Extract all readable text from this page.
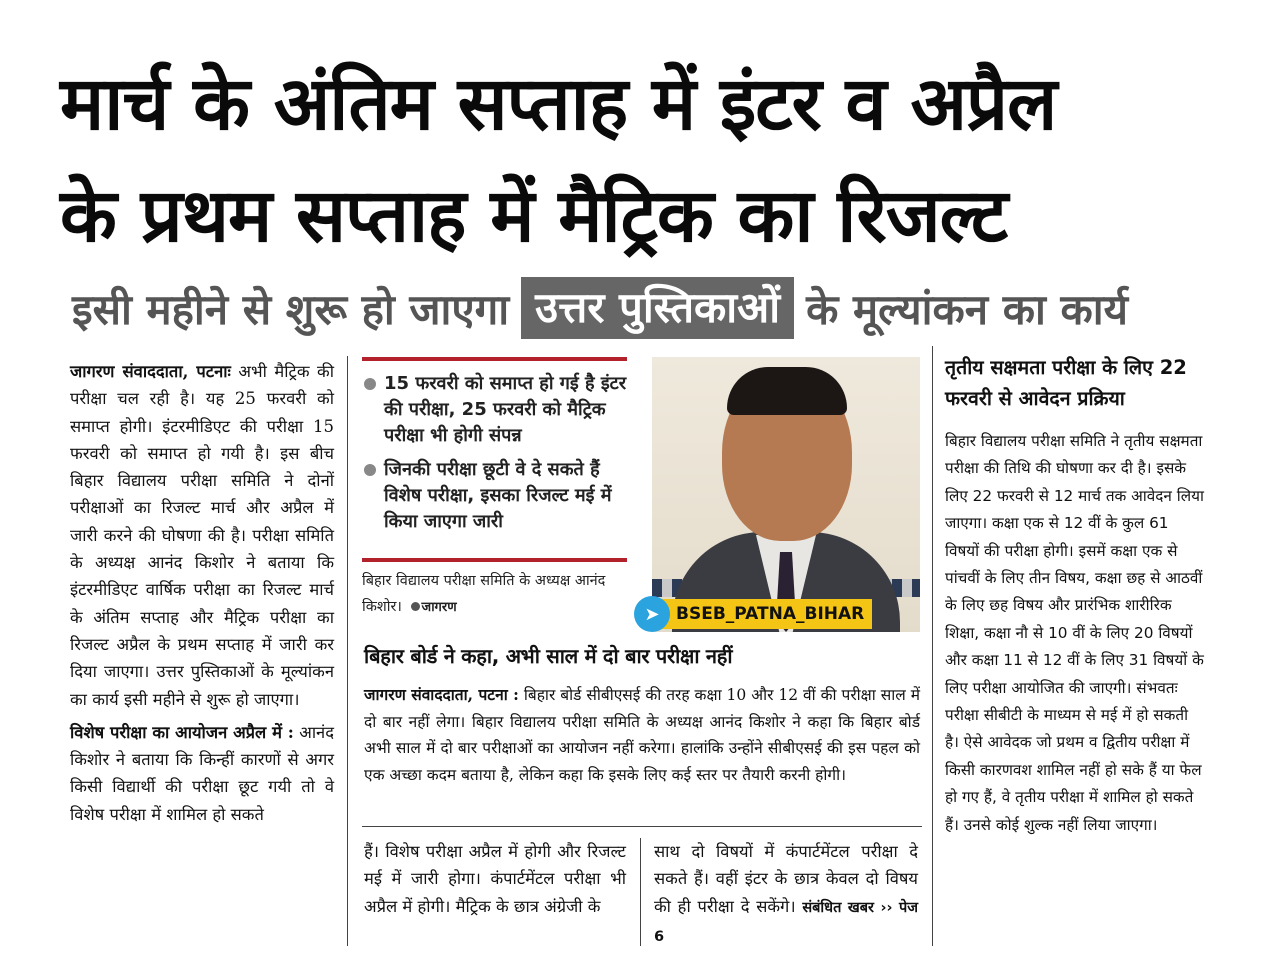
मार्च के अंतिम सप्ताह में इंटर व अप्रैल
के प्रथम सप्ताह में मैट्रिक का रिजल्ट
इसी महीने से शुरू हो जाएगा उत्तर पुस्तिकाओं के मूल्यांकन का कार्य

जागरण संवाददाता, पटनाः अभी मैट्रिक की परीक्षा चल रही है। यह 25 फरवरी को समाप्त होगी। इंटरमीडिएट की परीक्षा 15 फरवरी को समाप्त हो गयी है। इस बीच बिहार विद्यालय परीक्षा समिति ने दोनों परीक्षाओं का रिजल्ट मार्च और अप्रैल में जारी करने की घोषणा की है। परीक्षा समिति के अध्यक्ष आनंद किशोर ने बताया कि इंटरमीडिएट वार्षिक परीक्षा का रिजल्ट मार्च के अंतिम सप्ताह और मैट्रिक परीक्षा का रिजल्ट अप्रैल के प्रथम सप्ताह में जारी कर दिया जाएगा। उत्तर पुस्तिकाओं के मूल्यांकन का कार्य इसी महीने से शुरू हो जाएगा।

विशेष परीक्षा का आयोजन अप्रैल में : आनंद किशोर ने बताया कि किन्हीं कारणों से अगर किसी विद्यार्थी की परीक्षा छूट गयी तो वे विशेष परीक्षा में शामिल हो सकते

15 फरवरी को समाप्त हो गई है इंटर की परीक्षा, 25 फरवरी को मैट्रिक परीक्षा भी होगी संपन्न
जिनकी परीक्षा छूटी वे दे सकते हैं विशेष परीक्षा, इसका रिजल्ट मई में किया जाएगा जारी
बिहार विद्यालय परीक्षा समिति के अध्यक्ष आनंद किशोर। जागरण	➤ BSEB_PATNA_BIHAR
बिहार बोर्ड ने कहा, अभी साल में दो बार परीक्षा नहीं
जागरण संवाददाता, पटना : बिहार बोर्ड सीबीएसई की तरह कक्षा 10 और 12 वीं की परीक्षा साल में दो बार नहीं लेगा। बिहार विद्यालय परीक्षा समिति के अध्यक्ष आनंद किशोर ने कहा कि बिहार बोर्ड अभी साल में दो बार परीक्षाओं का आयोजन नहीं करेगा। हालांकि उन्होंने सीबीएसई की इस पहल को एक अच्छा कदम बताया है, लेकिन कहा कि इसके लिए कई स्तर पर तैयारी करनी होगी।
हैं। विशेष परीक्षा अप्रैल में होगी और रिजल्ट मई में जारी होगा। कंपार्टमेंटल परीक्षा भी अप्रैल में होगी। मैट्रिक के छात्र अंग्रेजी के
साथ दो विषयों में कंपार्टमेंटल परीक्षा दे सकते हैं। वहीं इंटर के छात्र केवल दो विषय की ही परीक्षा दे सकेंगे। संबंधित खबर ›› पेज 6
तृतीय सक्षमता परीक्षा के लिए 22 फरवरी से आवेदन प्रक्रिया
बिहार विद्यालय परीक्षा समिति ने तृतीय सक्षमता परीक्षा की तिथि की घोषणा कर दी है। इसके लिए 22 फरवरी से 12 मार्च तक आवेदन लिया जाएगा। कक्षा एक से 12 वीं के कुल 61 विषयों की परीक्षा होगी। इसमें कक्षा एक से पांचवीं के लिए तीन विषय, कक्षा छह से आठवीं के लिए छह विषय और प्रारंभिक शारीरिक शिक्षा, कक्षा नौ से 10 वीं के लिए 20 विषयों और कक्षा 11 से 12 वीं के लिए 31 विषयों के लिए परीक्षा आयोजित की जाएगी। संभवतः परीक्षा सीबीटी के माध्यम से मई में हो सकती है। ऐसे आवेदक जो प्रथम व द्वितीय परीक्षा में किसी कारणवश शामिल नहीं हो सके हैं या फेल हो गए हैं, वे तृतीय परीक्षा में शामिल हो सकते हैं। उनसे कोई शुल्क नहीं लिया जाएगा।
